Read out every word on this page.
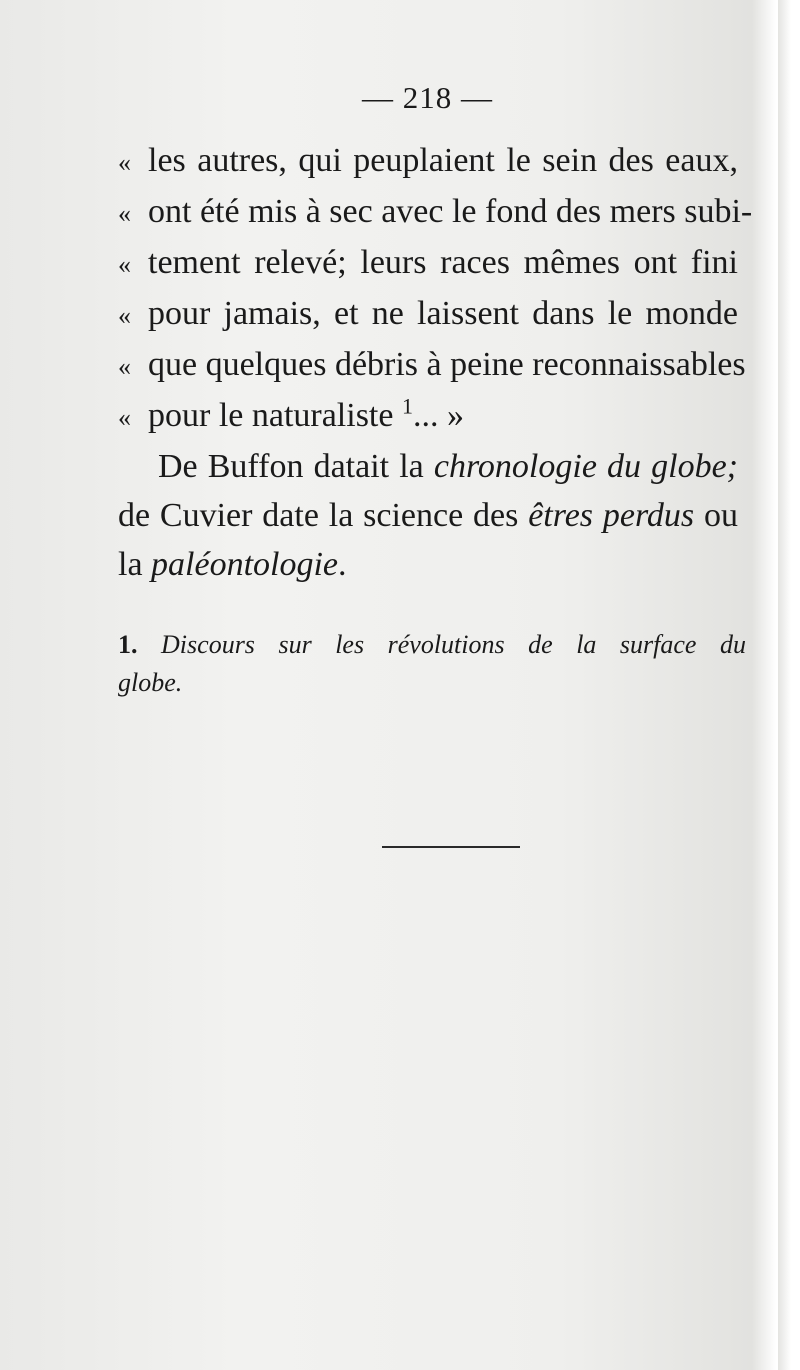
— 218 —
« les autres, qui peuplaient le sein des eaux,
« ont été mis à sec avec le fond des mers subi-
« tement relevé; leurs races mêmes ont fini
« pour jamais, et ne laissent dans le monde
« que quelques débris à peine reconnaissables
« pour le naturaliste $^1$... »
De Buffon datait la chronologie du globe;
de Cuvier date la science des êtres perdus ou
la paléontologie.
1. Discours sur les révolutions de la surface du
globe.
